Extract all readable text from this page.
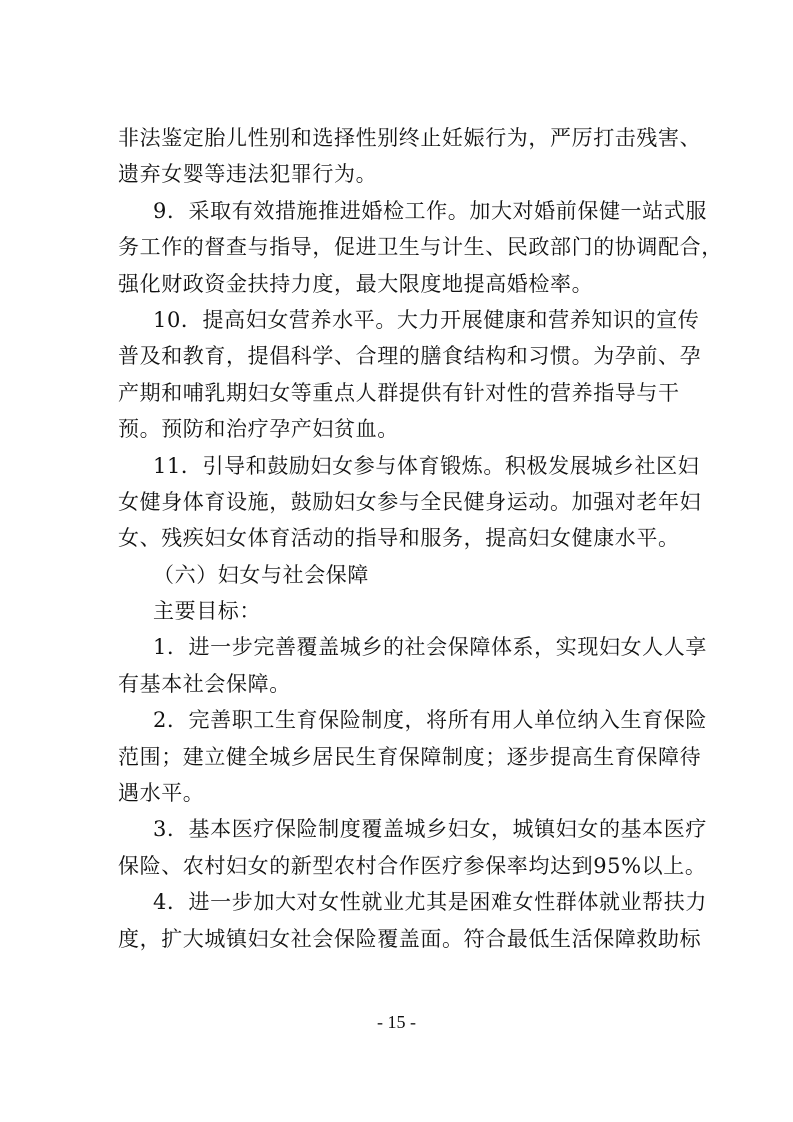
非法鉴定胎儿性别和选择性别终止妊娠行为，严厉打击残害、
遗弃女婴等违法犯罪行为。
9．采取有效措施推进婚检工作。加大对婚前保健一站式服
务工作的督查与指导，促进卫生与计生、民政部门的协调配合，
强化财政资金扶持力度，最大限度地提高婚检率。
10．提高妇女营养水平。大力开展健康和营养知识的宣传
普及和教育，提倡科学、合理的膳食结构和习惯。为孕前、孕
产期和哺乳期妇女等重点人群提供有针对性的营养指导与干
预。预防和治疗孕产妇贫血。
11．引导和鼓励妇女参与体育锻炼。积极发展城乡社区妇
女健身体育设施，鼓励妇女参与全民健身运动。加强对老年妇
女、残疾妇女体育活动的指导和服务，提高妇女健康水平。
（六）妇女与社会保障
主要目标：
1．进一步完善覆盖城乡的社会保障体系，实现妇女人人享
有基本社会保障。
2．完善职工生育保险制度，将所有用人单位纳入生育保险
范围；建立健全城乡居民生育保障制度；逐步提高生育保障待
遇水平。
3．基本医疗保险制度覆盖城乡妇女，城镇妇女的基本医疗
保险、农村妇女的新型农村合作医疗参保率均达到95%以上。
4．进一步加大对女性就业尤其是困难女性群体就业帮扶力
度，扩大城镇妇女社会保险覆盖面。符合最低生活保障救助标
- 15 -
